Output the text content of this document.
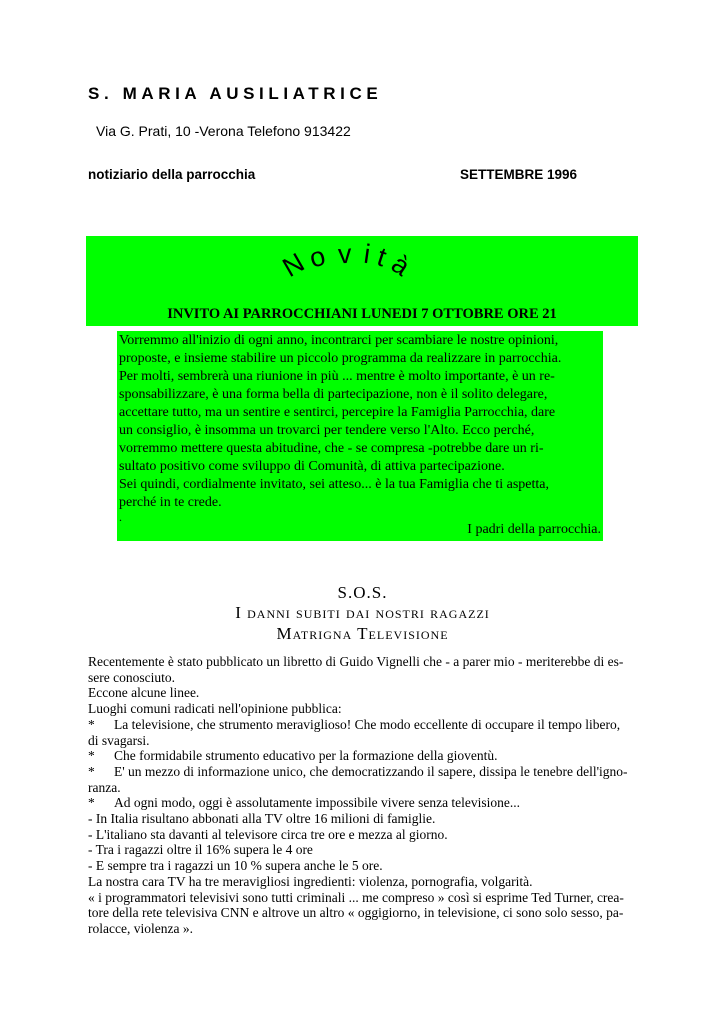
S. MARIA AUSILIATRICE
Via G. Prati, 10 -Verona Telefono 913422
notiziario della parrocchia	SETTEMBRE 1996
INVITO AI PARROCCHIANI LUNEDI 7 OTTOBRE ORE 21
N
o v i t
à

Vorremmo all'inizio di ogni anno, incontrarci per scambiare le nostre opinioni,

proposte, e insieme stabilire un piccolo programma da realizzare in parrocchia.

Per molti, sembrerà una riunione in più ... mentre è molto importante, è un re-

sponsabilizzare, è una forma bella di partecipazione, non è il solito delegare,

accettare tutto, ma un sentire e sentirci, percepire la Famiglia Parrocchia, dare

un consiglio, è insomma un trovarci per tendere verso l'Alto. Ecco perché,

vorremmo mettere questa abitudine, che - se compresa -potrebbe dare un ri-

sultato positivo come sviluppo di Comunità, di attiva partecipazione.

Sei quindi, cordialmente invitato, sei atteso... è la tua Famiglia che ti aspetta,

perché in te crede.

.
I padri della parrocchia.
S.O.S.
I danni subiti dai nostri ragazzi
Matrigna Televisione

Recentemente è stato pubblicato un libretto di Guido Vignelli che - a parer mio - meriterebbe di es-

sere conosciuto.

Eccone alcune linee.

Luoghi comuni radicati nell'opinione pubblica:

* La televisione, che strumento meraviglioso! Che modo eccellente di occupare il tempo libero,

di svagarsi.

* Che formidabile strumento educativo per la formazione della gioventù.

* E' un mezzo di informazione unico, che democratizzando il sapere, dissipa le tenebre dell'igno-

ranza.

* Ad ogni modo, oggi è assolutamente impossibile vivere senza televisione...

- In Italia risultano abbonati alla TV oltre 16 milioni di famiglie.

- L'italiano sta davanti al televisore circa tre ore e mezza al giorno.

- Tra i ragazzi oltre il 16% supera le 4 ore

- E sempre tra i ragazzi un 10 % supera anche le 5 ore.

La nostra cara TV ha tre meravigliosi ingredienti: violenza, pornografia, volgarità.

« i programmatori televisivi sono tutti criminali ... me compreso » così si esprime Ted Turner, crea-

tore della rete televisiva CNN e altrove un altro « oggigiorno, in televisione, ci sono solo sesso, pa-

rolacce, violenza ».
